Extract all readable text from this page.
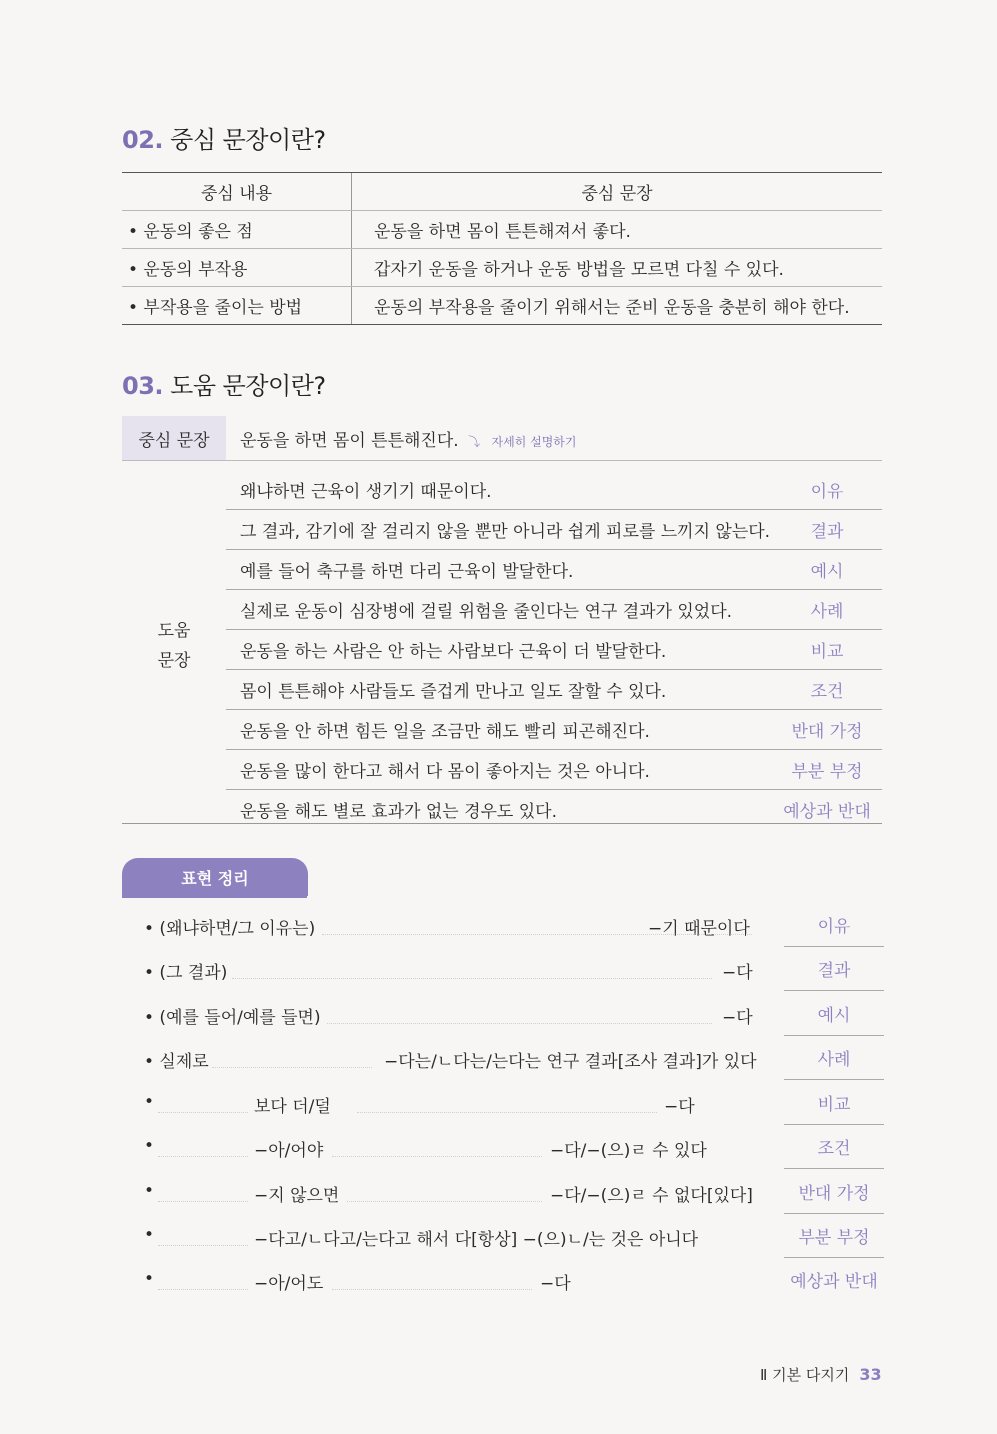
02. 중심 문장이란?
중심 내용	중심 문장
• 운동의 좋은 점	운동을 하면 몸이 튼튼해져서 좋다.
• 운동의 부작용	갑자기 운동을 하거나 운동 방법을 모르면 다칠 수 있다.
• 부작용을 줄이는 방법	운동의 부작용을 줄이기 위해서는 준비 운동을 충분히 해야 한다.
03. 도움 문장이란?
중심 문장	운동을 하면 몸이 튼튼해진다. ⤵ 자세히 설명하기
도움
문장
왜냐하면 근육이 생기기 때문이다.	이유
그 결과, 감기에 잘 걸리지 않을 뿐만 아니라 쉽게 피로를 느끼지 않는다.	결과
예를 들어 축구를 하면 다리 근육이 발달한다.	예시
실제로 운동이 심장병에 걸릴 위험을 줄인다는 연구 결과가 있었다.	사례
운동을 하는 사람은 안 하는 사람보다 근육이 더 발달한다.	비교
몸이 튼튼해야 사람들도 즐겁게 만나고 일도 잘할 수 있다.	조건
운동을 안 하면 힘든 일을 조금만 해도 빨리 피곤해진다.	반대 가정
운동을 많이 한다고 해서 다 몸이 좋아지는 것은 아니다.	부분 부정
운동을 해도 별로 효과가 없는 경우도 있다.	예상과 반대
표현 정리
• (왜냐하면/그 이유는)	−기 때문이다	이유
• (그 결과)	−다	결과
• (예를 들어/예를 들면)	−다	예시
• 실제로	−다는/ㄴ다는/는다는 연구 결과[조사 결과]가 있다	사례
•	보다 더/덜	−다	비교
•	−아/어야	−다/−(으)ㄹ 수 있다	조건
•	−지 않으면	−다/−(으)ㄹ 수 없다[있다]	반대 가정
•	−다고/ㄴ다고/는다고 해서 다[항상] −(으)ㄴ/는 것은 아니다	부분 부정
•	−아/어도	−다	예상과 반대
Ⅱ 기본 다지기 33
